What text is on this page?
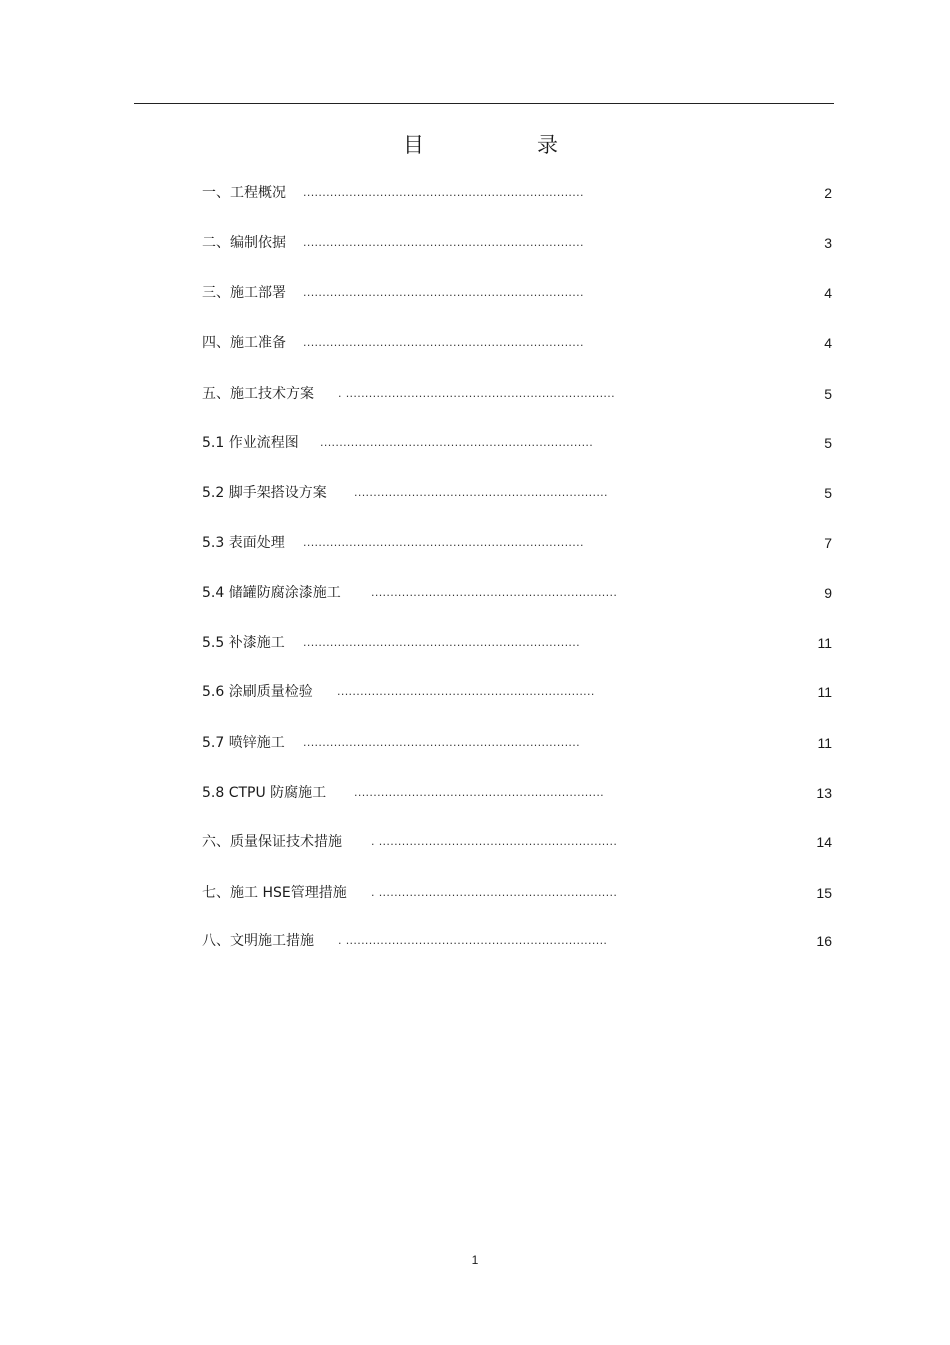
目	录
一、工程概况 .........................................................................	2
二、编制依据 .........................................................................	3
三、施工部署 .........................................................................	4
四、施工准备 .........................................................................	4
五、施工技术方案 . ......................................................................	5
5.1 作业流程图 .......................................................................	5
5.2 脚手架搭设方案 ..................................................................	5
5.3 表面处理 .........................................................................	7
5.4 储罐防腐涂漆施工	................................................................	9
5.5 补漆施工 ........................................................................	11
5.6 涂刷质量检验 ...................................................................	11
5.7 喷锌施工 ........................................................................	11
5.8 CTPU 防腐施工	.................................................................	13
六、质量保证技术措施	. ..............................................................	14
七、施工 HSE管理措施 . ..............................................................	15
八、文明施工措施 . ....................................................................	16
1
